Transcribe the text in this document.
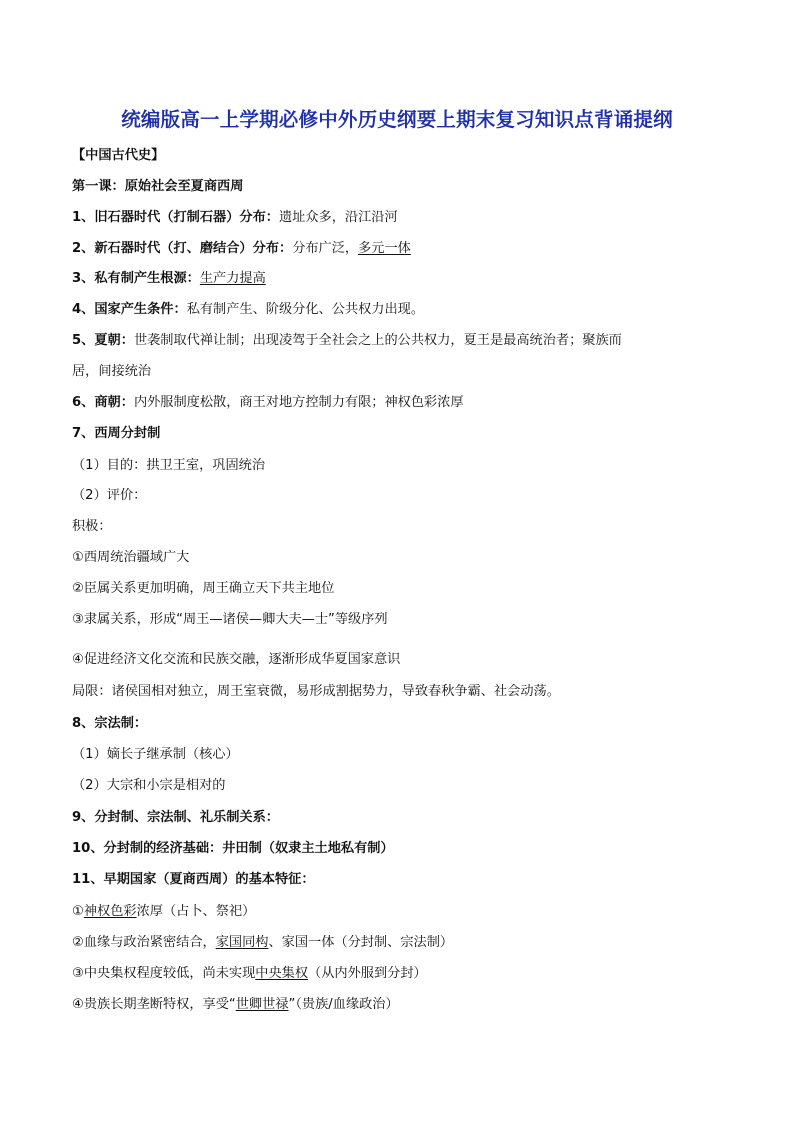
统编版高一上学期必修中外历史纲要上期末复习知识点背诵提纲
【中国古代史】
第一课：原始社会至夏商西周
1、旧石器时代（打制石器）分布：遗址众多，沿江沿河
2、新石器时代（打、磨结合）分布：分布广泛，多元一体
3、私有制产生根源：生产力提高
4、国家产生条件：私有制产生、阶级分化、公共权力出现。
5、夏朝：世袭制取代禅让制；出现凌驾于全社会之上的公共权力，夏王是最高统治者；聚族而
居，间接统治
6、商朝：内外服制度松散，商王对地方控制力有限；神权色彩浓厚
7、西周分封制
（1）目的：拱卫王室，巩固统治
（2）评价：
积极：
①西周统治疆域广大
②臣属关系更加明确，周王确立天下共主地位
③隶属关系，形成“周王—诸侯—卿大夫—士”等级序列
④促进经济文化交流和民族交融，逐渐形成华夏国家意识
局限：诸侯国相对独立，周王室衰微，易形成割据势力，导致春秋争霸、社会动荡。
8、宗法制：
（1）嫡长子继承制（核心）
（2）大宗和小宗是相对的
9、分封制、宗法制、礼乐制关系：
10、分封制的经济基础：井田制（奴隶主土地私有制）
11、早期国家（夏商西周）的基本特征：
①神权色彩浓厚（占卜、祭祀）
②血缘与政治紧密结合，家国同构、家国一体（分封制、宗法制）
③中央集权程度较低，尚未实现中央集权（从内外服到分封）
④贵族长期垄断特权，享受“世卿世禄”（贵族/血缘政治）
